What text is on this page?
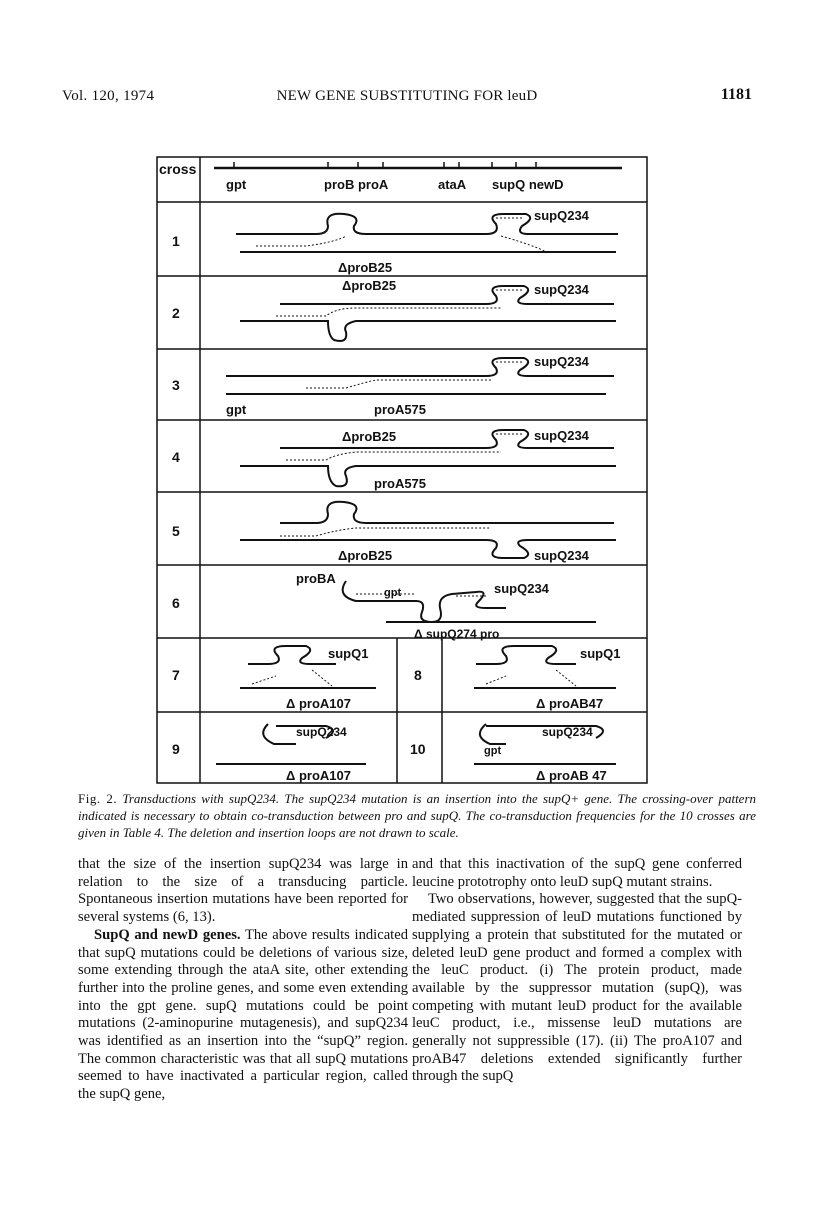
Vol. 120, 1974	NEW GENE SUBSTITUTING FOR leuD	1181
cross
gpt	proB proA	ataA supQ newD
1
supQ234
ΔproB25
2
ΔproB25	supQ234
3
supQ234
gpt	proA575
4
ΔproB25	supQ234
proA575
5
ΔproB25	supQ234
6
proBA
gpt	supQ234
Δ supQ274 pro
7
supQ1
Δ proA107
8
supQ1
Δ proAB47
9
supQ234
Δ proA107
10
supQ234
gpt
Δ proAB 47
Fig. 2. Transductions with supQ234. The supQ234 mutation is an insertion into the supQ+ gene. The crossing-over pattern indicated is necessary to obtain co-transduction between pro and supQ. The co-transduction frequencies for the 10 crosses are given in Table 4. The deletion and insertion loops are not drawn to scale.

that the size of the insertion supQ234 was large in relation to the size of a transducing particle. Spontaneous insertion mutations have been reported for several systems (6, 13).

SupQ and newD genes. The above results indicated that supQ mutations could be deletions of various size, some extending through the ataA site, other extending further into the proline genes, and some even extending into the gpt gene. supQ mutations could be point mutations (2-aminopurine mutagenesis), and supQ234 was identified as an insertion into the “supQ” region. The common characteristic was that all supQ mutations seemed to have inactivated a particular region, called the supQ gene,

and that this inactivation of the supQ gene conferred leucine prototrophy onto leuD supQ mutant strains.

Two observations, however, suggested that the supQ-mediated suppression of leuD mutations functioned by supplying a protein that substituted for the mutated or deleted leuD gene product and formed a complex with the leuC product. (i) The protein product, made available by the suppressor mutation (supQ), was competing with mutant leuD product for the available leuC product, i.e., missense leuD mutations are generally not suppressible (17). (ii) The proA107 and proAB47 deletions extended significantly further through the supQ
